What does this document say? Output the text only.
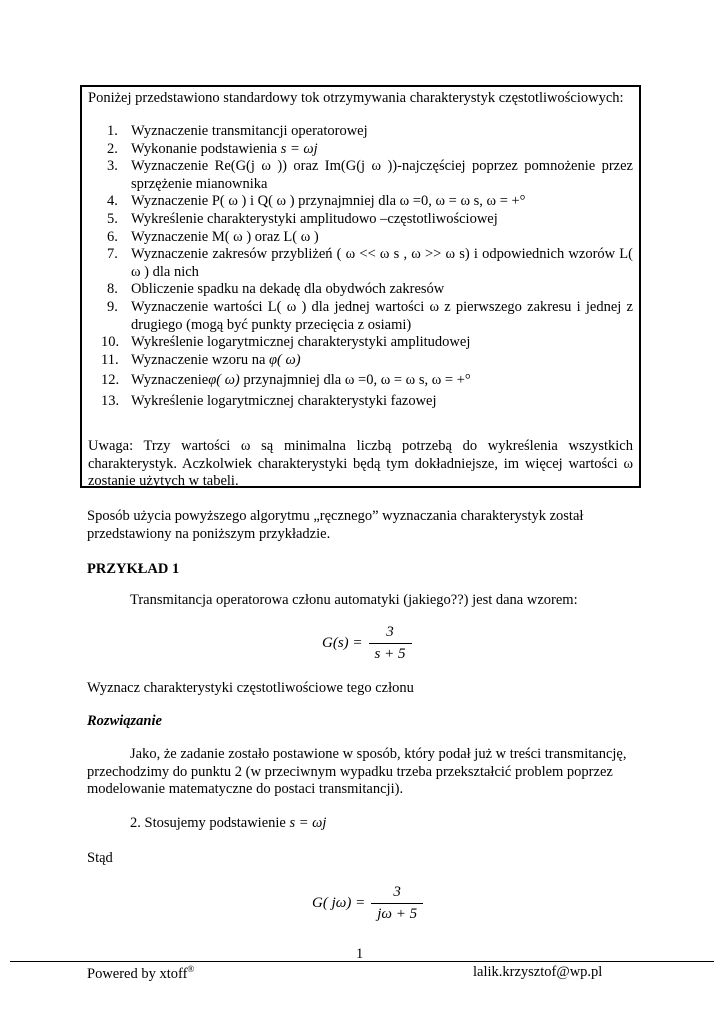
Poniżej przedstawiono standardowy tok otrzymywania charakterystyk częstotliwościowych:
1. Wyznaczenie transmitancji operatorowej
2. Wykonanie podstawienia s = ωj
3. Wyznaczenie Re(G(j ω )) oraz Im(G(j ω ))-najczęściej poprzez pomnożenie przez sprzężenie mianownika
4. Wyznaczenie P( ω ) i Q( ω ) przynajmniej dla ω =0, ω = ω s, ω = +°
5. Wykreślenie charakterystyki amplitudowo –częstotliwościowej
6. Wyznaczenie M( ω ) oraz L( ω )
7. Wyznaczenie zakresów przybliżeń ( ω << ω s , ω >> ω s) i odpowiednich wzorów L( ω ) dla nich
8. Obliczenie spadku na dekadę dla obydwóch zakresów
9. Wyznaczenie wartości L( ω ) dla jednej wartości ω z pierwszego zakresu i jednej z drugiego (mogą być punkty przecięcia z osiami)
10. Wykreślenie logarytmicznej charakterystyki amplitudowej
11. Wyznaczenie wzoru na φ( ω)
12. Wyznaczenieφ( ω) przynajmniej dla ω =0, ω = ω s, ω = +°
13. Wykreślenie logarytmicznej charakterystyki fazowej
Uwaga: Trzy wartości ω są minimalna liczbą potrzebą do wykreślenia wszystkich charakterystyk. Aczkolwiek charakterystyki będą tym dokładniejsze, im więcej wartości ω zostanie użytych w tabeli.
Sposób użycia powyższego algorytmu „ręcznego” wyznaczania charakterystyk został
przedstawiony na poniższym przykładzie.
PRZYKŁAD 1
Transmitancja operatorowa członu automatyki (jakiego??) jest dana wzorem:
$G(s) = \frac{3}{s + 5}$
Wyznacz charakterystyki częstotliwościowe tego członu
Rozwiązanie
Jako, że zadanie zostało postawione w sposób, który podał już w treści transmitancję,
przechodzimy do punktu 2 (w przeciwnym wypadku trzeba przekształcić problem poprzez
modelowanie matematyczne do postaci transmitancji).
2. Stosujemy podstawienie s = ωj
Stąd
G( $j\omega) = \frac{3}{j\omega + 5}$
1
Powered by xtoff®	lalik.krzysztof@wp.pl
